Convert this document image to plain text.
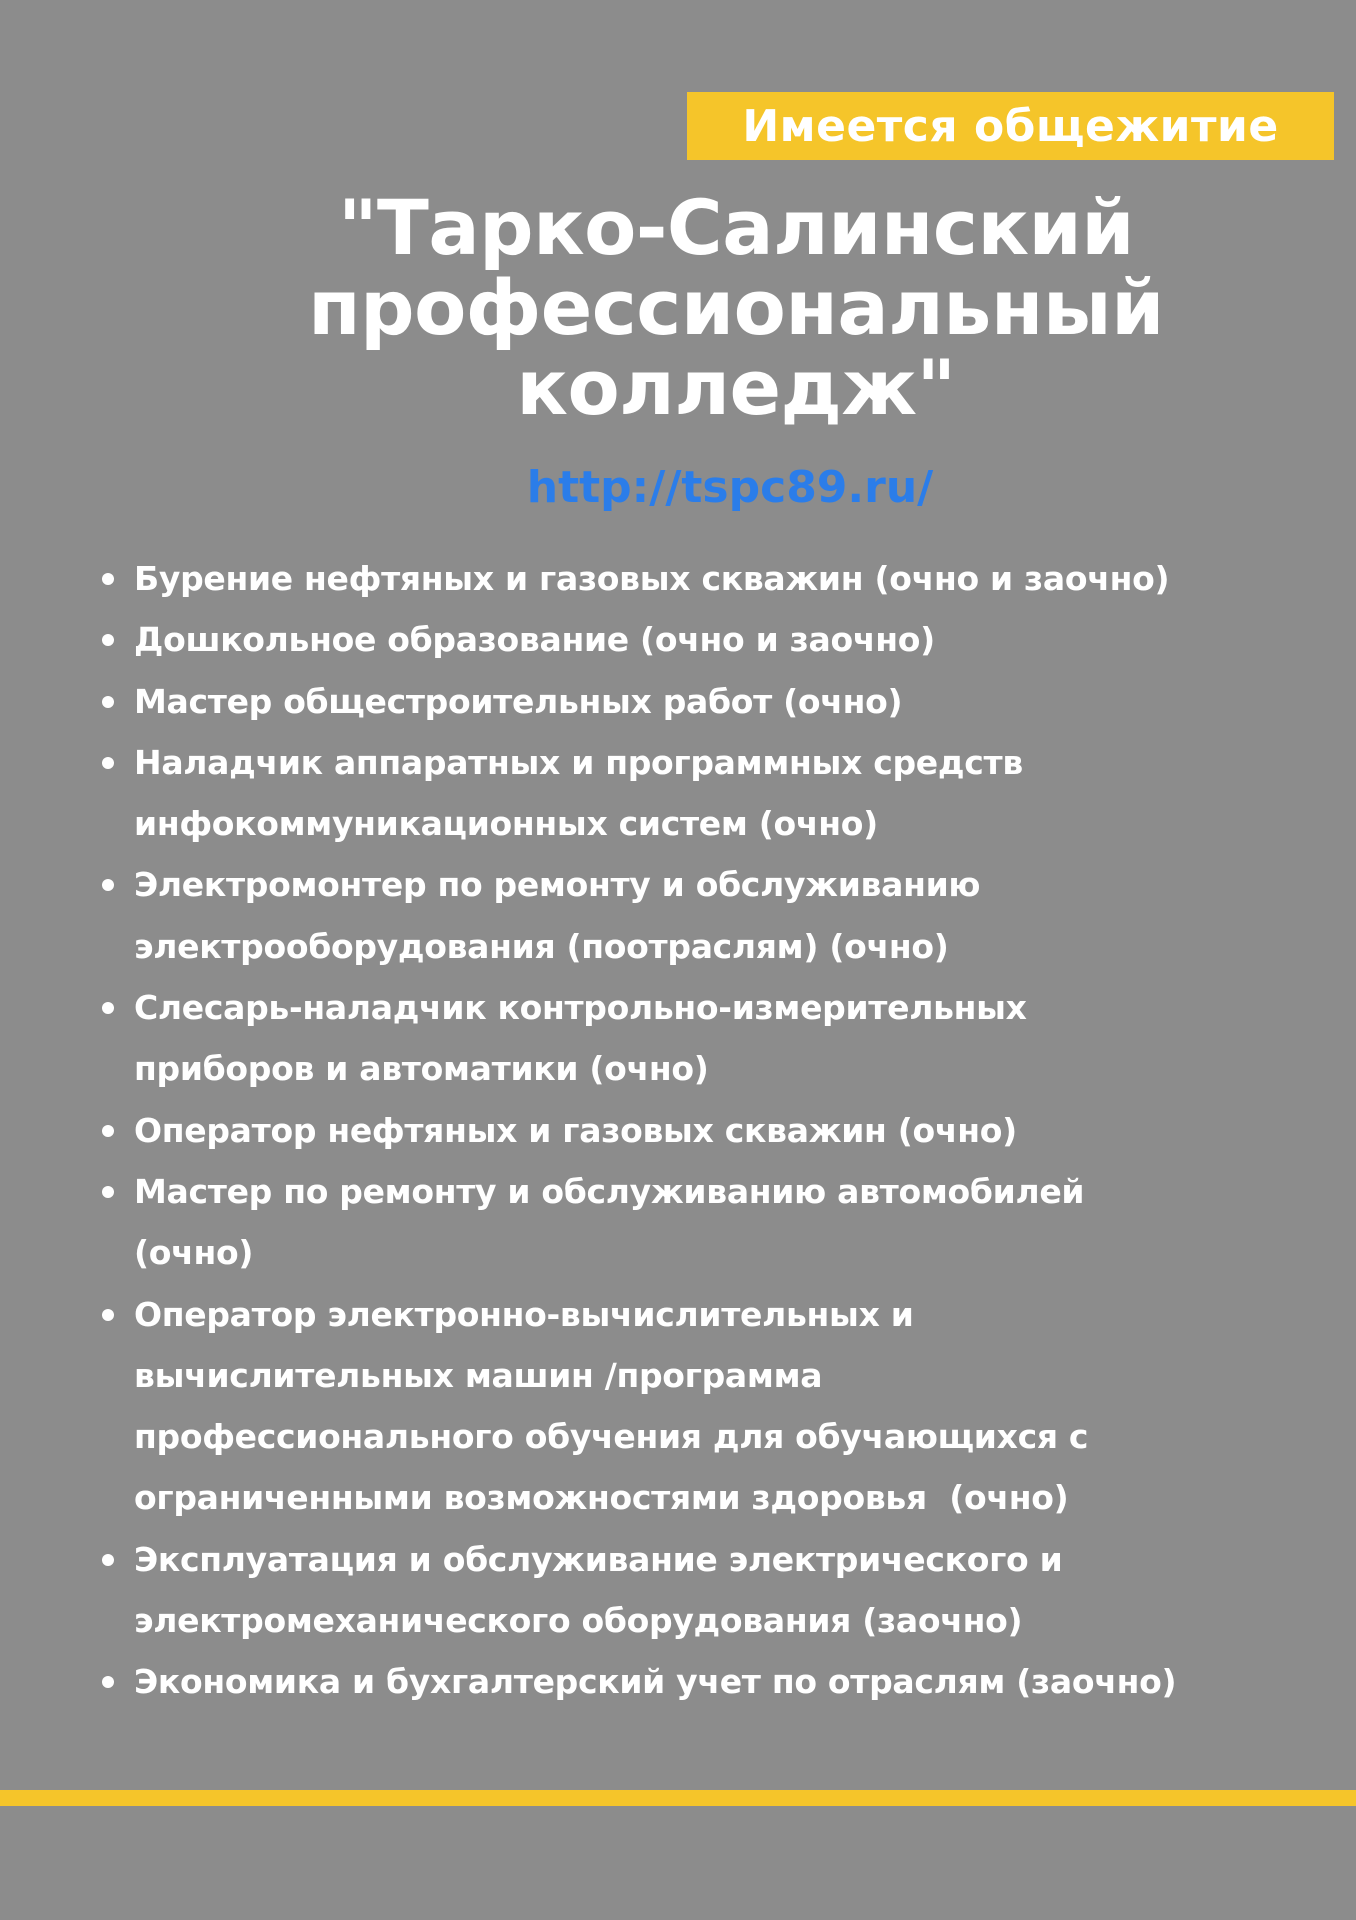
Имеется общежитие
"Тарко-Салинский
профессиональный
колледж"
http://tspc89.ru/
Бурение нефтяных и газовых скважин (очно и заочно)
Дошкольное образование (очно и заочно)
Мастер общестроительных работ (очно)
Наладчик аппаратных и программных средств
инфокоммуникационных систем (очно)
Электромонтер по ремонту и обслуживанию
электрооборудования (поотраслям) (очно)
Слесарь-наладчик контрольно-измерительных
приборов и автоматики (очно)
Оператор нефтяных и газовых скважин (очно)
Мастер по ремонту и обслуживанию автомобилей
(очно)
Оператор электронно-вычислительных и
вычислительных машин /программа
профессионального обучения для обучающихся с
ограниченными возможностями здоровья  (очно)
Эксплуатация и обслуживание электрического и
электромеханического оборудования (заочно)
Экономика и бухгалтерский учет по отраслям (заочно)
